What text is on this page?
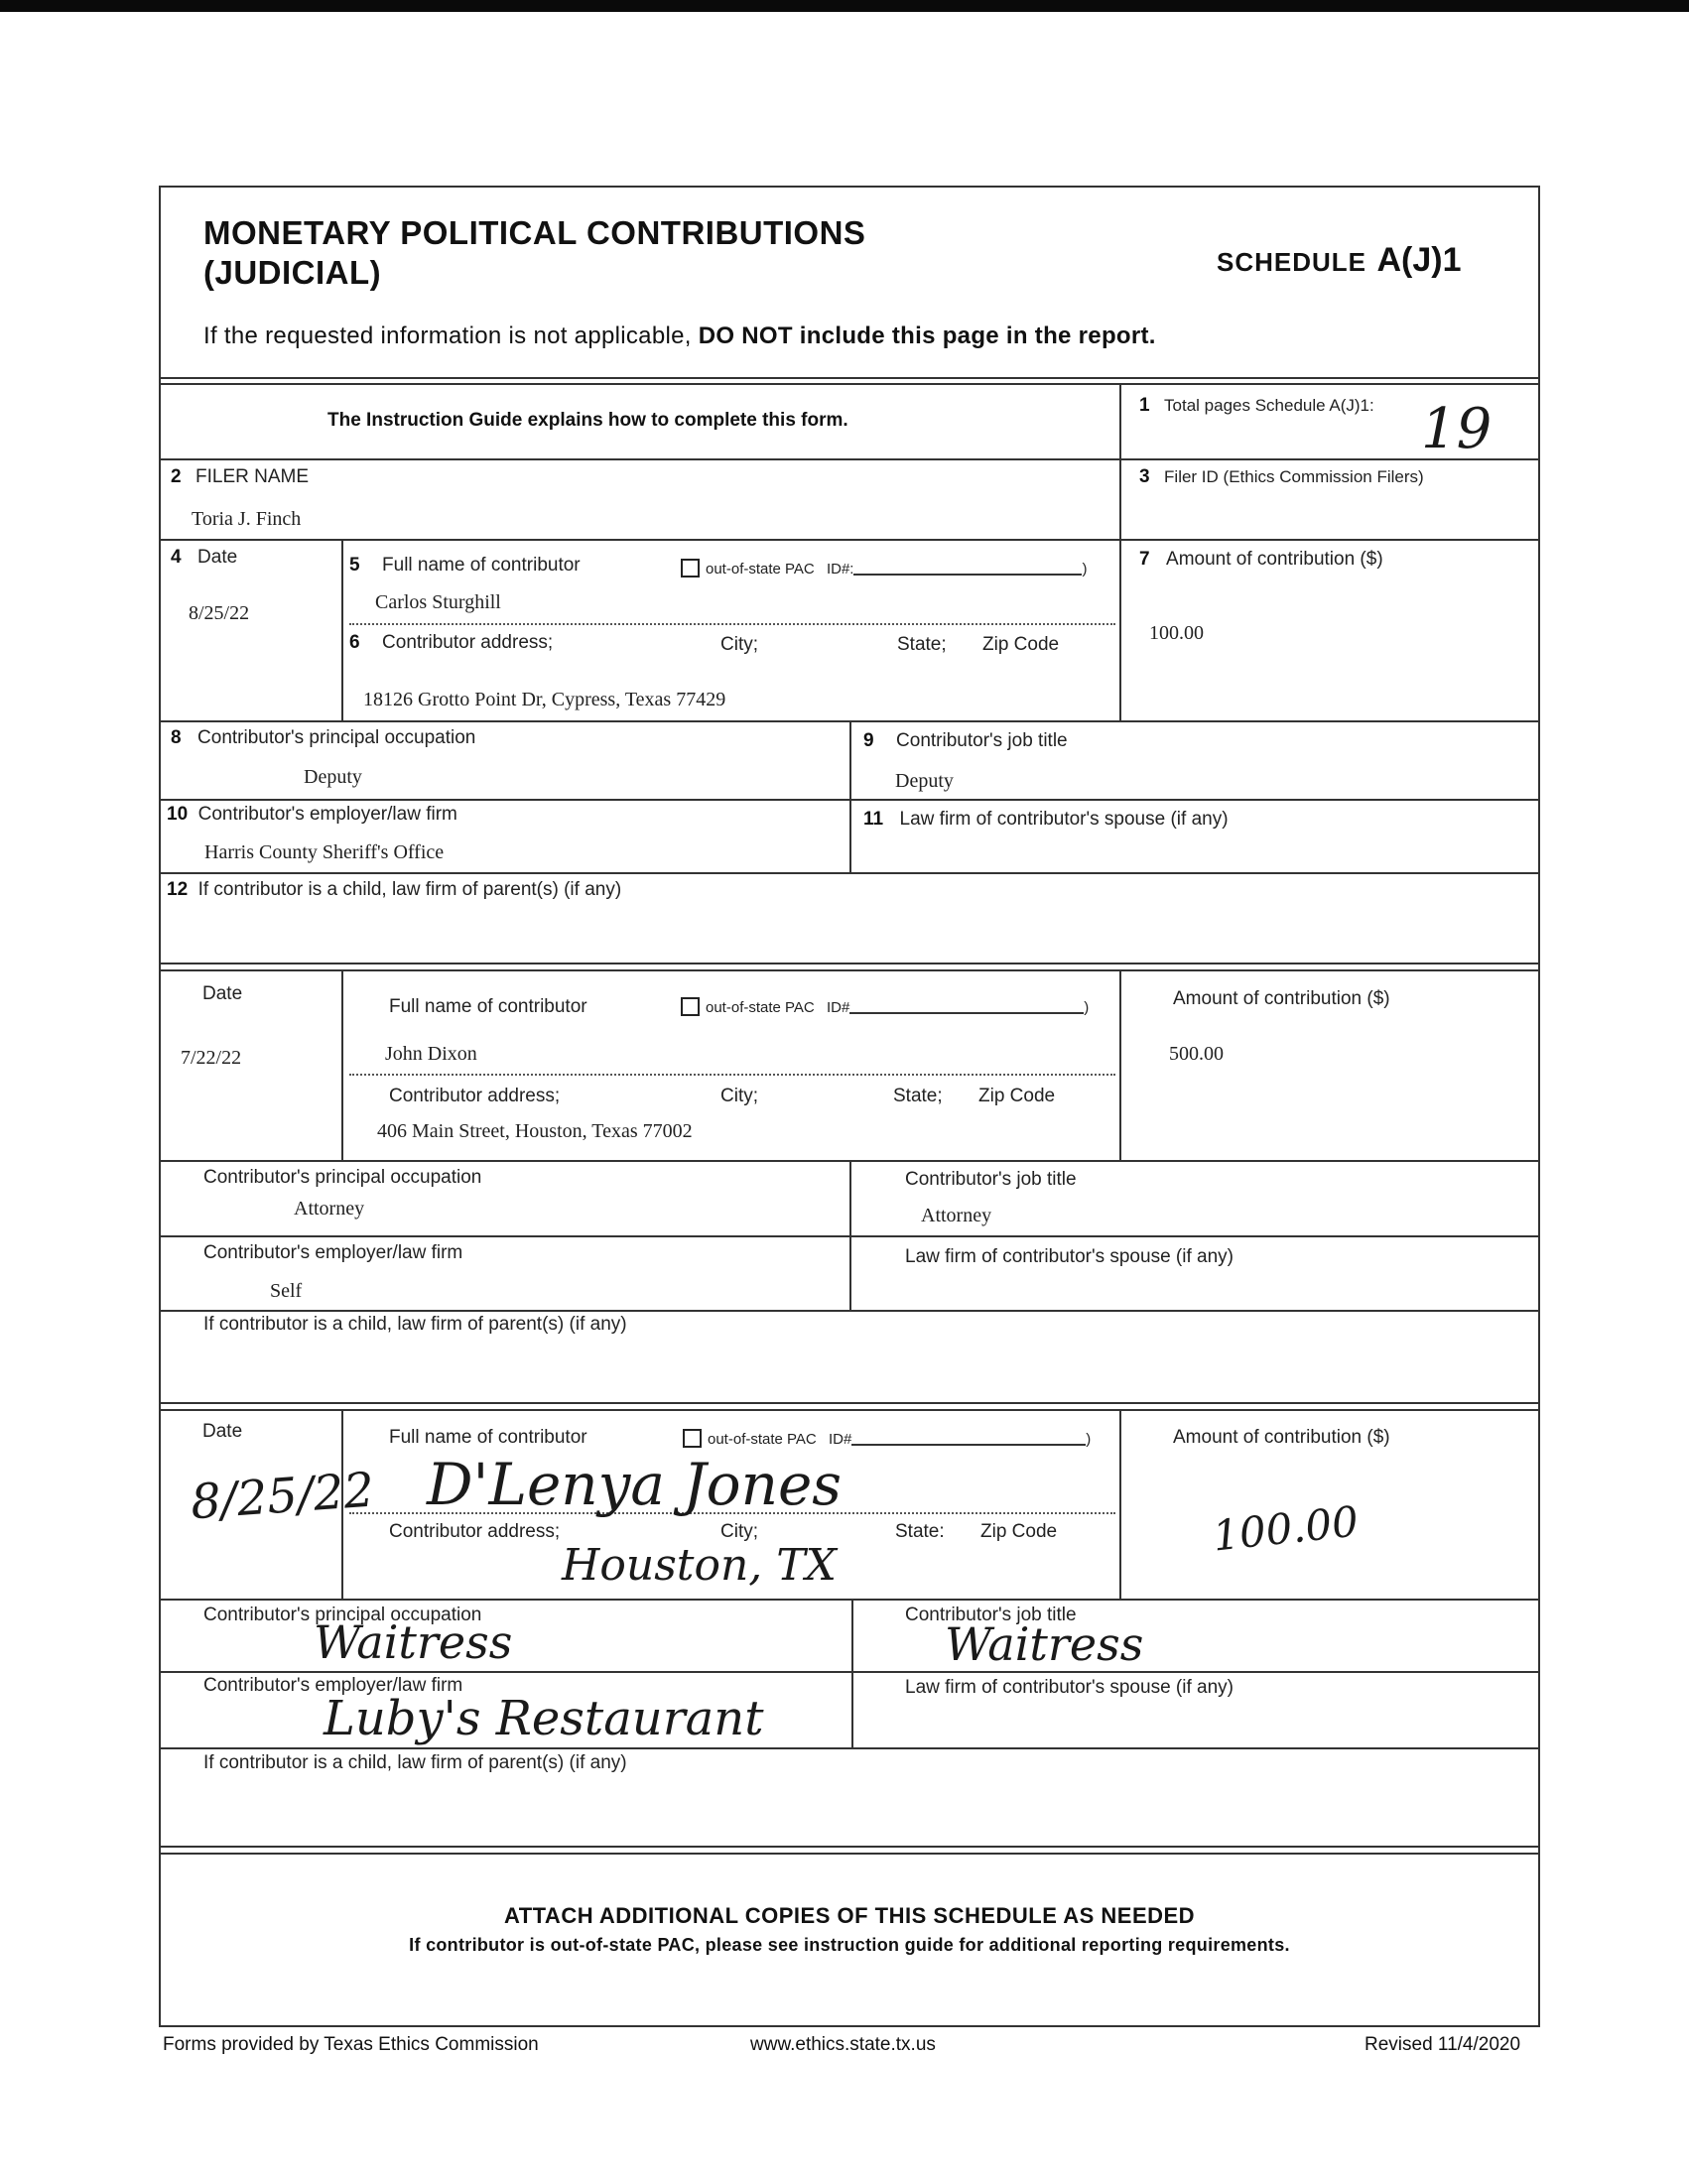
MONETARY POLITICAL CONTRIBUTIONS
(JUDICIAL)	SCHEDULE A(J)1
If the requested information is not applicable, DO NOT include this page in the report.
The Instruction Guide explains how to complete this form.
1 Total pages Schedule A(J)1: 19
2 FILER NAME
Toria J. Finch
3 Filer ID (Ethics Commission Filers)
4 Date
8/25/22
5 Full name of contributor	out-of-state PAC ID#:	)
Carlos Sturghill
6 Contributor address;	City;	State; Zip Code
18126 Grotto Point Dr, Cypress, Texas 77429
7 Amount of contribution ($)
100.00
8 Contributor's principal occupation
Deputy
9 Contributor's job title
Deputy
10 Contributor's employer/law firm
Harris County Sheriff's Office
11 Law firm of contributor's spouse (if any)
12 If contributor is a child, law firm of parent(s) (if any)
Date
7/22/22
Full name of contributor	out-of-state PAC ID#	)
John Dixon
Contributor address;	City;	State; Zip Code
406 Main Street, Houston, Texas 77002
Amount of contribution ($)
500.00
Contributor's principal occupation
Attorney
Contributor's job title
Attorney
Contributor's employer/law firm
Self
Law firm of contributor's spouse (if any)
If contributor is a child, law firm of parent(s) (if any)
Date
8/25/22
Full name of contributor	out-of-state PAC ID#	)
D'Lenya Jones
Contributor address;	City;	State: Zip Code
Houston, TX
Amount of contribution ($)
100.00
Contributor's principal occupation
Waitress
Contributor's job title
Waitress
Contributor's employer/law firm
Luby's Restaurant
Law firm of contributor's spouse (if any)
If contributor is a child, law firm of parent(s) (if any)
ATTACH ADDITIONAL COPIES OF THIS SCHEDULE AS NEEDED
If contributor is out-of-state PAC, please see instruction guide for additional reporting requirements.
Forms provided by Texas Ethics Commission	www.ethics.state.tx.us	Revised 11/4/2020
